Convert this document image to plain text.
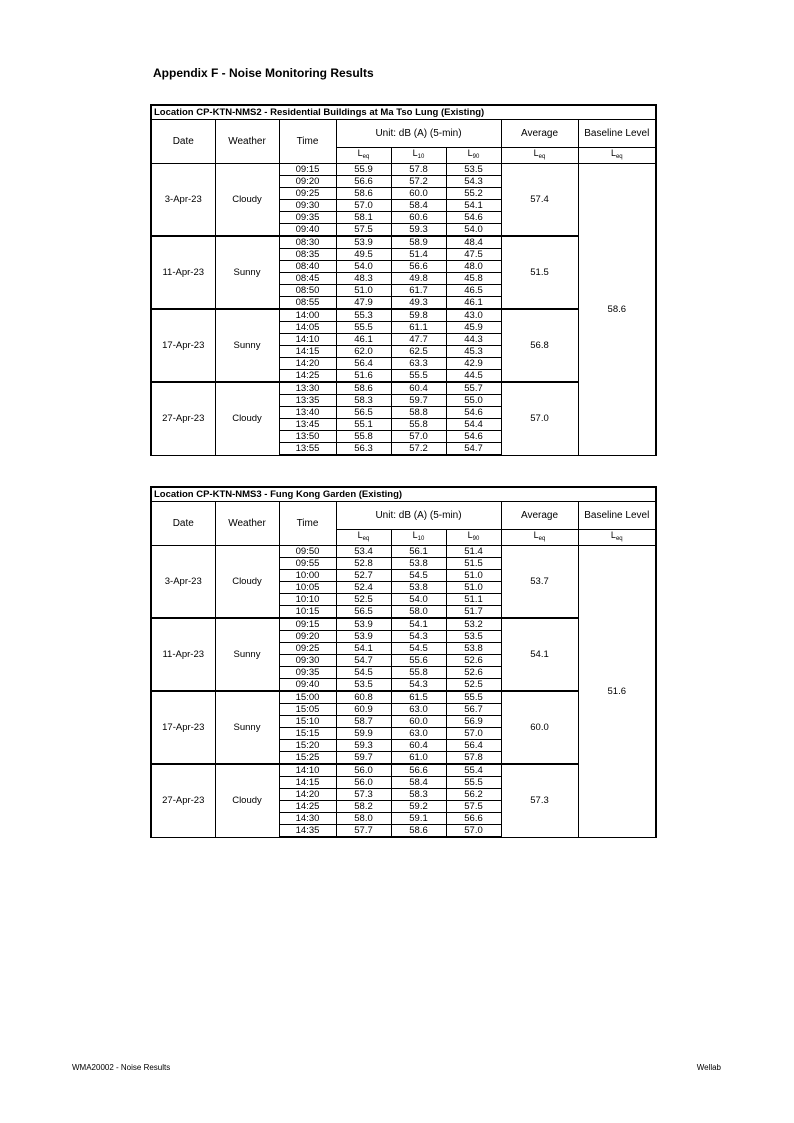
Appendix F - Noise Monitoring Results
Location CP-KTN-NMS2 - Residential Buildings at Ma Tso Lung (Existing)							
Date	Weather	Time	Unit: dB (A) (5-min)			Average	Baseline Level
			$L_{eq}$	$L_{10}$	$L_{90}$	$L_{eq}$	$L_{eq}$
3-Apr-23	Cloudy	09:15	55.9	57.8	53.5	57.4	58.6
		09:20	56.6	57.2	54.3		
		09:25	58.6	60.0	55.2		
		09:30	57.0	58.4	54.1		
		09:35	58.1	60.6	54.6		
		09:40	57.5	59.3	54.0		
11-Apr-23	Sunny	08:30	53.9	58.9	48.4	51.5	
		08:35	49.5	51.4	47.5		
		08:40	54.0	56.6	48.0		
		08:45	48.3	49.8	45.8		
		08:50	51.0	61.7	46.5		
		08:55	47.9	49.3	46.1		
17-Apr-23	Sunny	14:00	55.3	59.8	43.0	56.8	
		14:05	55.5	61.1	45.9		
		14:10	46.1	47.7	44.3		
		14:15	62.0	62.5	45.3		
		14:20	56.4	63.3	42.9		
		14:25	51.6	55.5	44.5		
27-Apr-23	Cloudy	13:30	58.6	60.4	55.7	57.0	
		13:35	58.3	59.7	55.0		
		13:40	56.5	58.8	54.6		
		13:45	55.1	55.8	54.4		
		13:50	55.8	57.0	54.6		
		13:55	56.3	57.2	54.7		
Location CP-KTN-NMS3 - Fung Kong Garden (Existing)							
Date	Weather	Time	Unit: dB (A) (5-min)			Average	Baseline Level
			$L_{eq}$	$L_{10}$	$L_{90}$	$L_{eq}$	$L_{eq}$
3-Apr-23	Cloudy	09:50	53.4	56.1	51.4	53.7	51.6
		09:55	52.8	53.8	51.5		
		10:00	52.7	54.5	51.0		
		10:05	52.4	53.8	51.0		
		10:10	52.5	54.0	51.1		
		10:15	56.5	58.0	51.7		
11-Apr-23	Sunny	09:15	53.9	54.1	53.2	54.1	
		09:20	53.9	54.3	53.5		
		09:25	54.1	54.5	53.8		
		09:30	54.7	55.6	52.6		
		09:35	54.5	55.8	52.6		
		09:40	53.5	54.3	52.5		
17-Apr-23	Sunny	15:00	60.8	61.5	55.5	60.0	
		15:05	60.9	63.0	56.7		
		15:10	58.7	60.0	56.9		
		15:15	59.9	63.0	57.0		
		15:20	59.3	60.4	56.4		
		15:25	59.7	61.0	57.8		
27-Apr-23	Cloudy	14:10	56.0	56.6	55.4	57.3	
		14:15	56.0	58.4	55.5		
		14:20	57.3	58.3	56.2		
		14:25	58.2	59.2	57.5		
		14:30	58.0	59.1	56.6		
		14:35	57.7	58.6	57.0		
WMA20002 - Noise Results	Wellab
